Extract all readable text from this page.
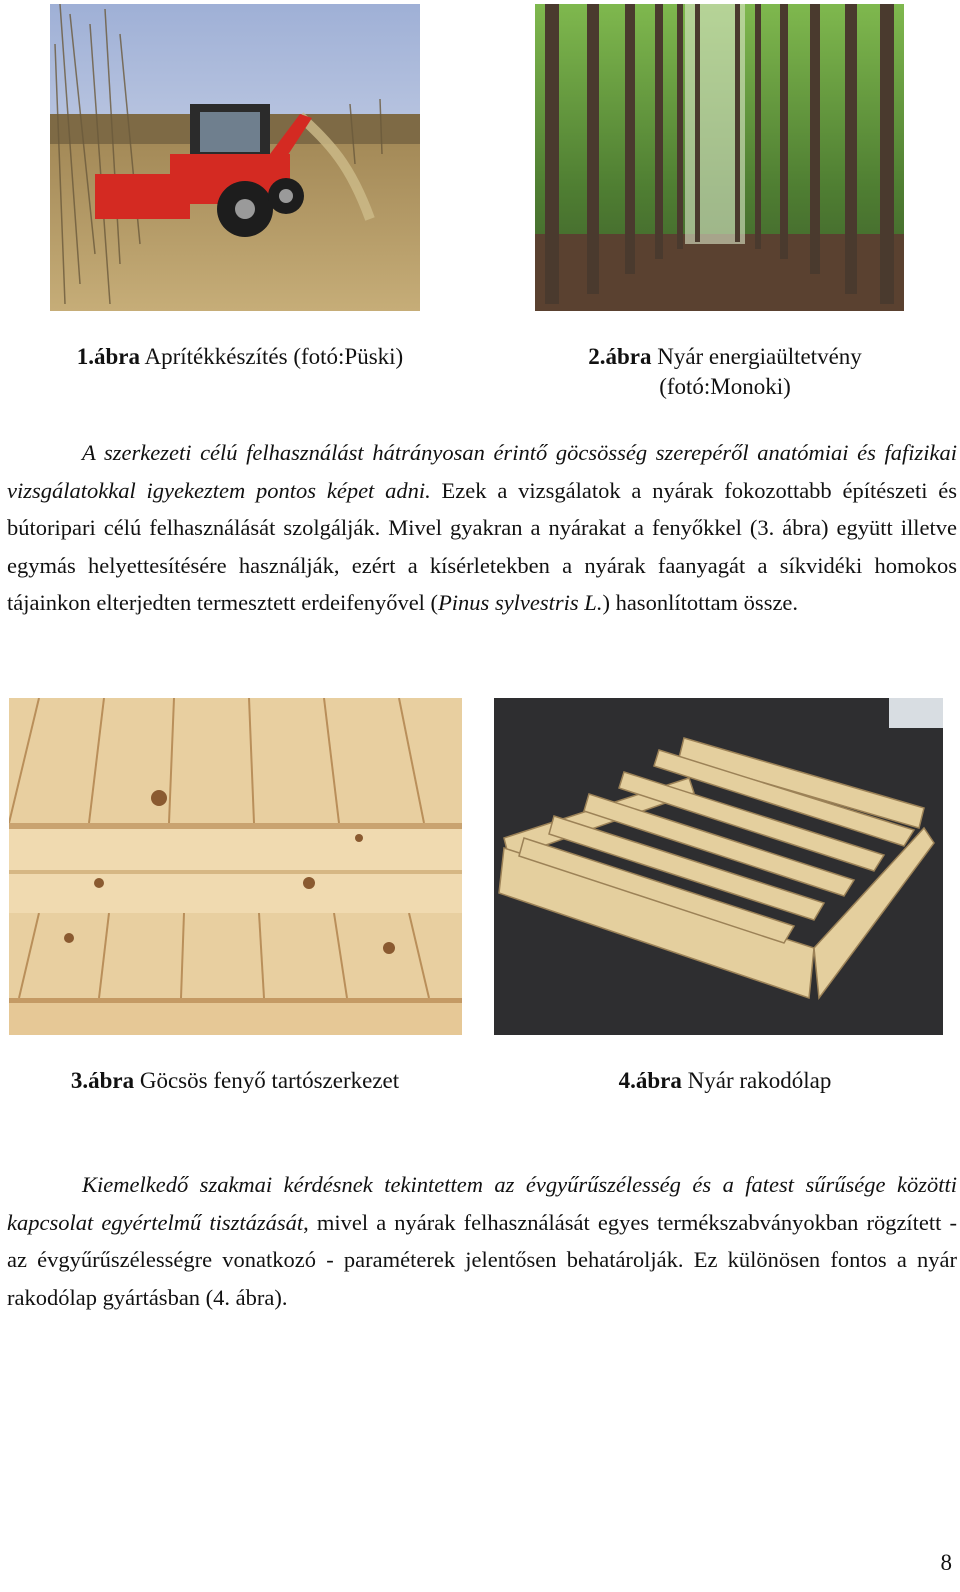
1.ábra Aprítékkészítés (fotó:Püski)	2.ábra Nyár energiaültetvény
(fotó:Monoki)
A szerkezeti célú felhasználást hátrányosan érintő göcsösség szerepéről anatómiai és fafizikai vizsgálatokkal igyekeztem pontos képet adni. Ezek a vizsgálatok a nyárak fokozottabb építészeti és bútoripari célú felhasználását szolgálják. Mivel gyakran a nyárakat a fenyőkkel (3. ábra) együtt illetve egymás helyettesítésére használják, ezért a kísérletekben a nyárak faanyagát a síkvidéki homokos tájainkon elterjedten termesztett erdeifenyővel (Pinus sylvestris L.) hasonlítottam össze.
3.ábra Göcsös fenyő tartószerkezet	4.ábra Nyár rakodólap
Kiemelkedő szakmai kérdésnek tekintettem az évgyűrűszélesség és a fatest sűrűsége közötti kapcsolat egyértelmű tisztázását, mivel a nyárak felhasználását egyes termékszabványokban rögzített - az évgyűrűszélességre vonatkozó - paraméterek jelentősen behatárolják. Ez különösen fontos a nyár rakodólap gyártásban (4. ábra).
8
